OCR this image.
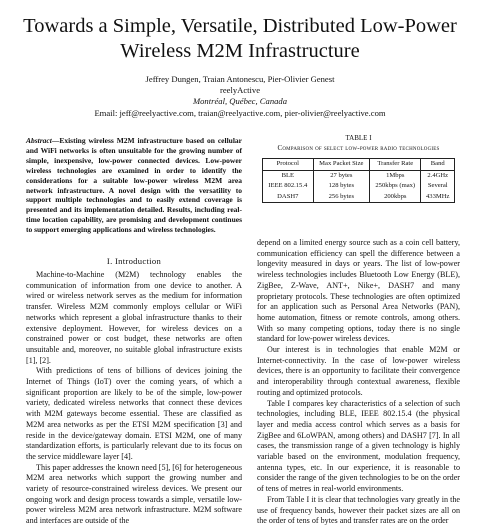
Towards a Simple, Versatile, Distributed Low-Power Wireless M2M Infrastructure
Jeffrey Dungen, Traian Antonescu, Pier-Olivier Genest
reelyActive
Montréal, Québec, Canada
Email: jeff@reelyactive.com, traian@reelyactive.com, pier-olivier@reelyactive.com
Abstract—Existing wireless M2M infrastructure based on cellular and WiFi networks is often unsuitable for the growing number of simple, inexpensive, low-power connected devices. Low-power wireless technologies are examined in order to identify the considerations for a suitable low-power wireless M2M area network infrastructure. A novel design with the versatility to support multiple technologies and to easily extend coverage is presented and its implementation detailed. Results, including real-time location capability, are promising and development continues to support emerging applications and wireless technologies.
I. Introduction

Machine-to-Machine (M2M) technology enables the communication of information from one device to another. A wired or wireless network serves as the medium for information transfer. Wireless M2M commonly employs cellular or WiFi networks which represent a global infrastructure thanks to their extensive deployment. However, for wireless devices on a constrained power or cost budget, these networks are often unsuitable and, moreover, no suitable global infrastructure exists [1], [2].

With predictions of tens of billions of devices joining the Internet of Things (IoT) over the coming years, of which a significant proportion are likely to be of the simple, low-power variety, dedicated wireless networks that connect these devices with M2M gateways become essential. These are classified as M2M area networks as per the ETSI M2M specification [3] and reside in the device/gateway domain. ETSI M2M, one of many standardization efforts, is particularly relevant due to its focus on the service middleware layer [4].

This paper addresses the known need [5], [6] for heterogeneous M2M area networks which support the growing number and variety of resource-constrained wireless devices. We present our ongoing work and design process towards a simple, versatile low-power wireless M2M area network infrastructure. M2M software and interfaces are outside of the

TABLE I
Comparison of select low-power radio technologies
Protocol	Max Packet Size	Transfer Rate	Band
BLE	27 bytes	1Mbps	2.4GHz
IEEE 802.15.4	128 bytes	250kbps (max)	Several
DASH7	256 bytes	200kbps	433MHz

depend on a limited energy source such as a coin cell battery, communication efficiency can spell the difference between a longevity measured in days or years. The list of low-power wireless technologies includes Bluetooth Low Energy (BLE), ZigBee, Z-Wave, ANT+, Nike+, DASH7 and many proprietary protocols. These technologies are often optimized for an application such as Personal Area Networks (PAN), home automation, fitness or remote controls, among others. With so many competing options, today there is no single standard for low-power wireless devices.

Our interest is in technologies that enable M2M or Internet-connectivity. In the case of low-power wireless devices, there is an opportunity to facilitate their convergence and interoperability through contextual awareness, flexible routing and optimized protocols.

Table I compares key characteristics of a selection of such technologies, including BLE, IEEE 802.15.4 (the physical layer and media access control which serves as a basis for ZigBee and 6LoWPAN, among others) and DASH7 [7]. In all cases, the transmission range of a given technology is highly variable based on the environment, modulation frequency, antenna types, etc. In our experience, it is reasonable to consider the range of the given technologies to be on the order of tens of metres in real-world environments.

From Table I it is clear that technologies vary greatly in the use of frequency bands, however their packet sizes are all on the order of tens of bytes and transfer rates are on the order
